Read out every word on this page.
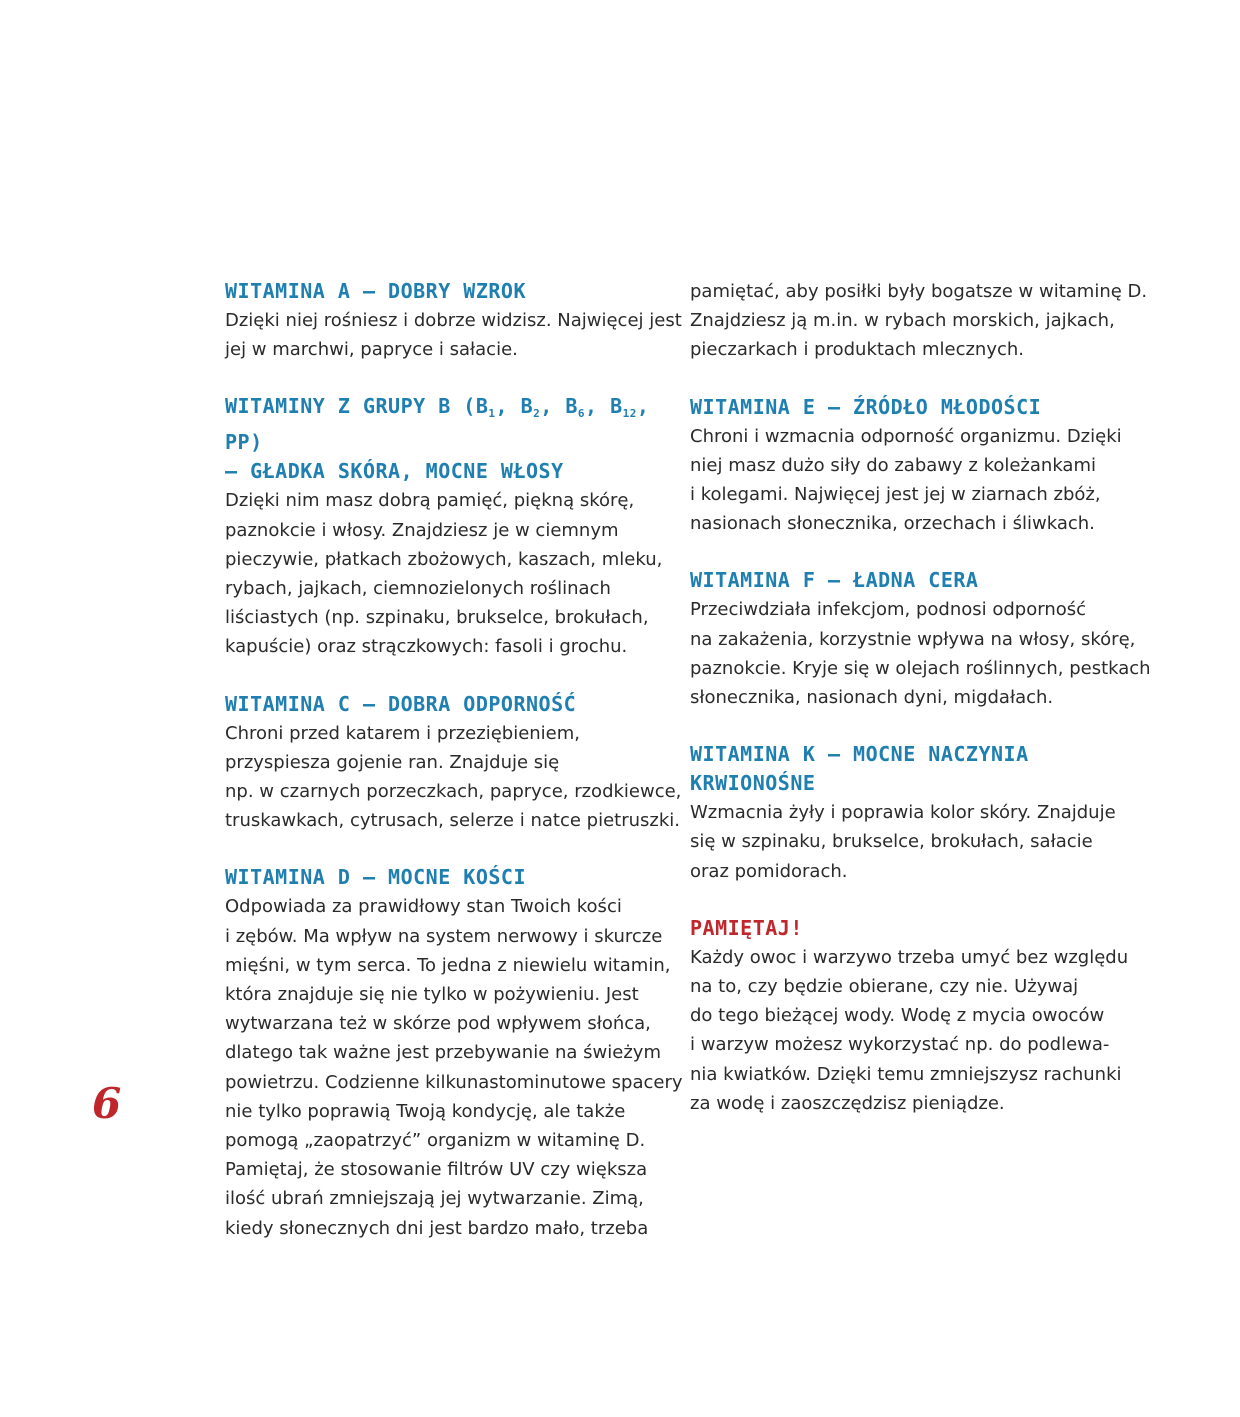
WITAMINA A – DOBRY WZROK
Dzięki niej rośniesz i dobrze widzisz. Najwięcej jest
jej w marchwi, papryce i sałacie.
WITAMINY Z GRUPY B ($B_1$, $B_2$, $B_6$, $B_{12}$, PP)
– GŁADKA SKÓRA, MOCNE WŁOSY
Dzięki nim masz dobrą pamięć, piękną skórę,
paznokcie i włosy. Znajdziesz je w ciemnym
pieczywie, płatkach zbożowych, kaszach, mleku,
rybach, jajkach, ciemnozielonych roślinach
liściastych (np. szpinaku, brukselce, brokułach,
kapuście) oraz strączkowych: fasoli i grochu.
WITAMINA C – DOBRA ODPORNOŚĆ
Chroni przed katarem i przeziębieniem,
przyspiesza gojenie ran. Znajduje się
np. w czarnych porzeczkach, papryce, rzodkiewce,
truskawkach, cytrusach, selerze i natce pietruszki.
WITAMINA D – MOCNE KOŚCI
Odpowiada za prawidłowy stan Twoich kości
i zębów. Ma wpływ na system nerwowy i skurcze
mięśni, w tym serca. To jedna z niewielu witamin,
która znajduje się nie tylko w pożywieniu. Jest
wytwarzana też w skórze pod wpływem słońca,
dlatego tak ważne jest przebywanie na świeżym
powietrzu. Codzienne kilkunastominutowe spacery
nie tylko poprawią Twoją kondycję, ale także
pomogą „zaopatrzyć” organizm w witaminę D.
Pamiętaj, że stosowanie filtrów UV czy większa
ilość ubrań zmniejszają jej wytwarzanie. Zimą,
kiedy słonecznych dni jest bardzo mało, trzeba
pamiętać, aby posiłki były bogatsze w witaminę D.
Znajdziesz ją m.in. w rybach morskich, jajkach,
pieczarkach i produktach mlecznych.
WITAMINA E – ŹRÓDŁO MŁODOŚCI
Chroni i wzmacnia odporność organizmu. Dzięki
niej masz dużo siły do zabawy z koleżankami
i kolegami. Najwięcej jest jej w ziarnach zbóż,
nasionach słonecznika, orzechach i śliwkach.
WITAMINA F – ŁADNA CERA
Przeciwdziała infekcjom, podnosi odporność
na zakażenia, korzystnie wpływa na włosy, skórę,
paznokcie. Kryje się w olejach roślinnych, pestkach
słonecznika, nasionach dyni, migdałach.
WITAMINA K – MOCNE NACZYNIA
KRWIONOŚNE
Wzmacnia żyły i poprawia kolor skóry. Znajduje
się w szpinaku, brukselce, brokułach, sałacie
oraz pomidorach.
PAMIĘTAJ!
Każdy owoc i warzywo trzeba umyć bez względu
na to, czy będzie obierane, czy nie. Używaj
do tego bieżącej wody. Wodę z mycia owoców
i warzyw możesz wykorzystać np. do podlewa-
nia kwiatków. Dzięki temu zmniejszysz rachunki
za wodę i zaoszczędzisz pieniądze.
6
